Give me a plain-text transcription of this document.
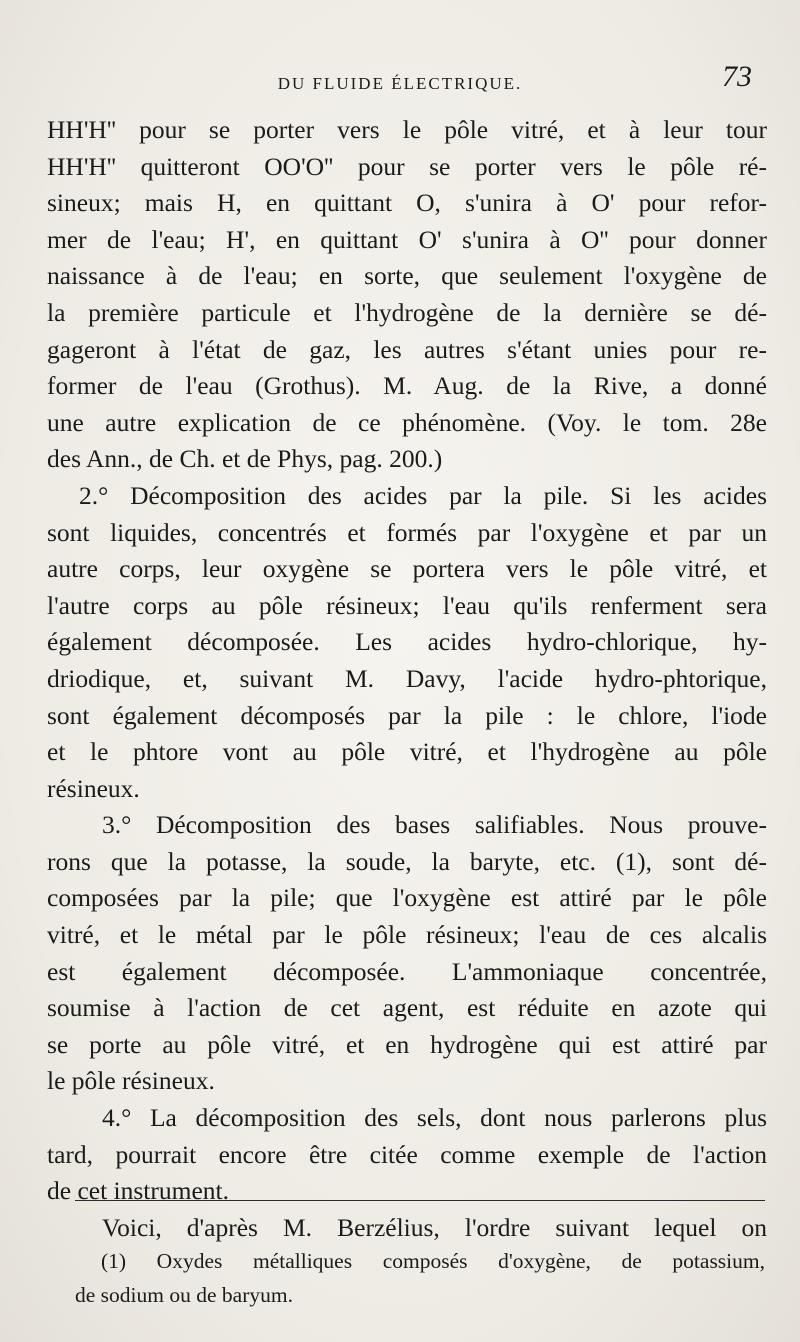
DU FLUIDE ÉLECTRIQUE.	73
HH'H'' pour se porter vers le pôle vitré, et à leur tour
HH'H'' quitteront OO'O'' pour se porter vers le pôle ré-
sineux; mais H, en quittant O, s'unira à O' pour refor-
mer de l'eau; H', en quittant O' s'unira à O'' pour donner
naissance à de l'eau; en sorte, que seulement l'oxygène de
la première particule et l'hydrogène de la dernière se dé-
gageront à l'état de gaz, les autres s'étant unies pour re-
former de l'eau (Grothus). M. Aug. de la Rive, a donné
une autre explication de ce phénomène. (Voy. le tom. 28e
des Ann., de Ch. et de Phys, pag. 200.)
2.° Décomposition des acides par la pile. Si les acides
sont liquides, concentrés et formés par l'oxygène et par un
autre corps, leur oxygène se portera vers le pôle vitré, et
l'autre corps au pôle résineux; l'eau qu'ils renferment sera
également décomposée. Les acides hydro-chlorique, hy-
driodique, et, suivant M. Davy, l'acide hydro-phtorique,
sont également décomposés par la pile : le chlore, l'iode
et le phtore vont au pôle vitré, et l'hydrogène au pôle
résineux.
3.° Décomposition des bases salifiables. Nous prouve-
rons que la potasse, la soude, la baryte, etc. (1), sont dé-
composées par la pile; que l'oxygène est attiré par le pôle
vitré, et le métal par le pôle résineux; l'eau de ces alcalis
est également décomposée. L'ammoniaque concentrée,
soumise à l'action de cet agent, est réduite en azote qui
se porte au pôle vitré, et en hydrogène qui est attiré par
le pôle résineux.
4.° La décomposition des sels, dont nous parlerons plus
tard, pourrait encore être citée comme exemple de l'action
de cet instrument.
Voici, d'après M. Berzélius, l'ordre suivant lequel on
(1) Oxydes métalliques composés d'oxygène, de potassium,
de sodium ou de baryum.
